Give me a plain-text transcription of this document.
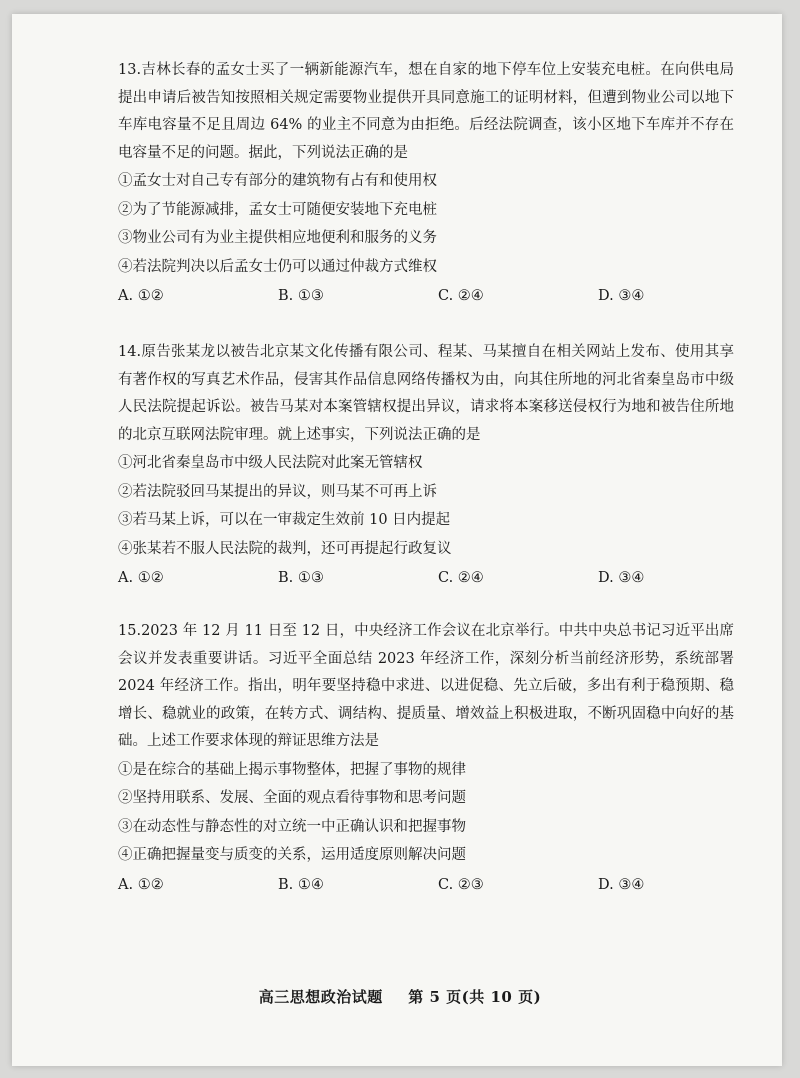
13.吉林长春的孟女士买了一辆新能源汽车，想在自家的地下停车位上安装充电桩。在向供电局提出申请后被告知按照相关规定需要物业提供开具同意施工的证明材料，但遭到物业公司以地下车库电容量不足且周边 64% 的业主不同意为由拒绝。后经法院调查，该小区地下车库并不存在电容量不足的问题。据此，下列说法正确的是
①孟女士对自己专有部分的建筑物有占有和使用权
②为了节能源减排，孟女士可随便安装地下充电桩
③物业公司有为业主提供相应地便利和服务的义务
④若法院判决以后孟女士仍可以通过仲裁方式维权
A. ①②	B. ①③	C. ②④	D. ③④
14.原告张某龙以被告北京某文化传播有限公司、程某、马某擅自在相关网站上发布、使用其享有著作权的写真艺术作品，侵害其作品信息网络传播权为由，向其住所地的河北省秦皇岛市中级人民法院提起诉讼。被告马某对本案管辖权提出异议，请求将本案移送侵权行为地和被告住所地的北京互联网法院审理。就上述事实，下列说法正确的是
①河北省秦皇岛市中级人民法院对此案无管辖权
②若法院驳回马某提出的异议，则马某不可再上诉
③若马某上诉，可以在一审裁定生效前 10 日内提起
④张某若不服人民法院的裁判，还可再提起行政复议
A. ①②	B. ①③	C. ②④	D. ③④
15.2023 年 12 月 11 日至 12 日，中央经济工作会议在北京举行。中共中央总书记习近平出席会议并发表重要讲话。习近平全面总结 2023 年经济工作，深刻分析当前经济形势，系统部署 2024 年经济工作。指出，明年要坚持稳中求进、以进促稳、先立后破，多出有利于稳预期、稳增长、稳就业的政策，在转方式、调结构、提质量、增效益上积极进取，不断巩固稳中向好的基础。上述工作要求体现的辩证思维方法是
①是在综合的基础上揭示事物整体，把握了事物的规律
②坚持用联系、发展、全面的观点看待事物和思考问题
③在动态性与静态性的对立统一中正确认识和把握事物
④正确把握量变与质变的关系，运用适度原则解决问题
A. ①②	B. ①④	C. ②③	D. ③④
高三思想政治试题 第 5 页(共 10 页)
